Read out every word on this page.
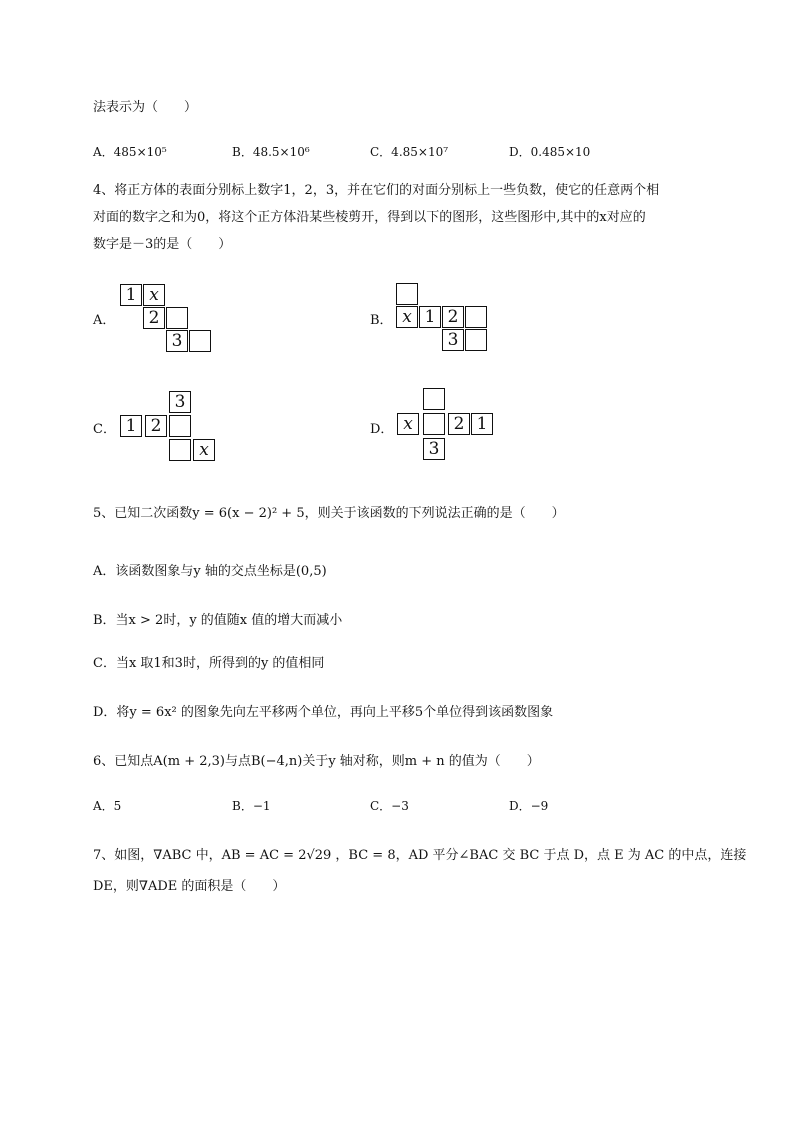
法表示为（　　）
A．485×10⁵	B．48.5×10⁶	C．4.85×10⁷	D．0.485×10
4、将正方体的表面分别标上数字1，2，3，并在它们的对面分别标上一些负数，使它的任意两个相
对面的数字之和为0，将这个正方体沿某些棱剪开，得到以下的图形，这些图形中,其中的x对应的
数字是－3的是（　　）
A．
1 x
2
3
B． x 1 2
3
C．
3
1 2
x
D． x	2 1
3
5、已知二次函数y = 6(x − 2)² + 5，则关于该函数的下列说法正确的是（　　）
A．该函数图象与y 轴的交点坐标是(0,5)
B．当x > 2时，y 的值随x 值的增大而减小
C．当x 取1和3时，所得到的y 的值相同
D．将y = 6x² 的图象先向左平移两个单位，再向上平移5个单位得到该函数图象
6、已知点A(m + 2,3)与点B(−4,n)关于y 轴对称，则m + n 的值为（　　）
A．5	B．−1	C．−3	D．−9
7、如图，∇ABC 中，AB = AC = 2√29 ，BC = 8，AD 平分∠BAC 交 BC 于点 D，点 E 为 AC 的中点，连接
DE，则∇ADE 的面积是（　　）
